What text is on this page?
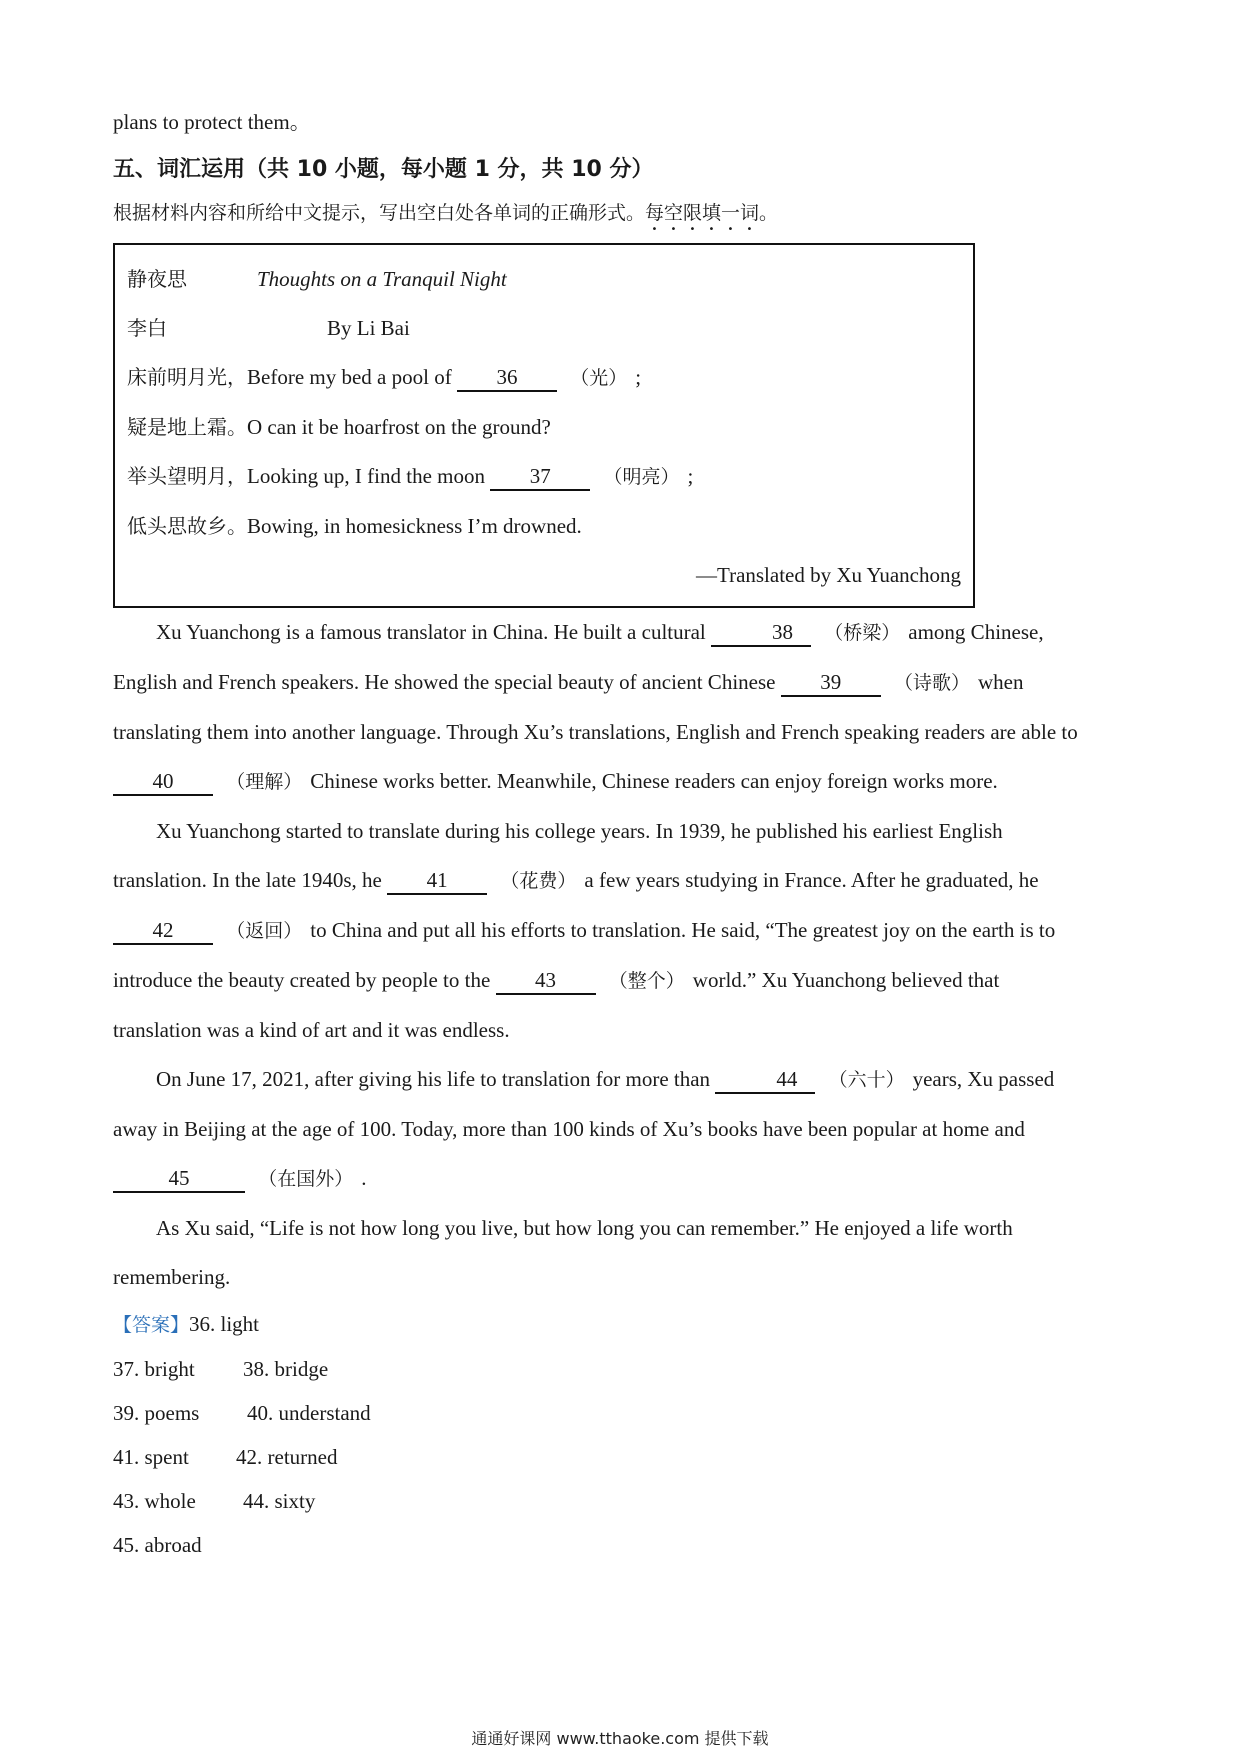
plans to protect them。

五、词汇运用（共 10 小题，每小题 1 分，共 10 分）

根据材料内容和所给中文提示，写出空白处各单词的正确形式。每空限填一词。

静夜思	Thoughts on a Tranquil Night

李白	By Li Bai

床前明月光，Before my bed a pool of 36	（光） ;

疑是地上霜。O can it be hoarfrost on the ground?

举头望明月，Looking up, I find the moon 37	（明亮） ;

低头思故乡。Bowing, in homesickness I’m drowned.

—Translated by Xu Yuanchong

Xu Yuanchong is a famous translator in China. He built a cultural	38 （桥梁） among Chinese,

English and French speakers. He showed the special beauty of ancient Chinese 39	（诗歌） when

translating them into another language. Through Xu’s translations, English and French speaking readers are able to

40	（理解） Chinese works better. Meanwhile, Chinese readers can enjoy foreign works more.

Xu Yuanchong started to translate during his college years. In 1939, he published his earliest English

translation. In the late 1940s, he 41	（花费） a few years studying in France. After he graduated, he

42	（返回） to China and put all his efforts to translation. He said, “The greatest joy on the earth is to

introduce the beauty created by people to the 43	（整个） world.” Xu Yuanchong believed that

translation was a kind of art and it was endless.

On June 17, 2021, after giving his life to translation for more than	44 （六十） years, Xu passed

away in Beijing at the age of 100. Today, more than 100 kinds of Xu’s books have been popular at home and

45	（在国外） .

As Xu said, “Life is not how long you live, but how long you can remember.” He enjoyed a life worth

remembering.

【答案】36. light

37. bright 38. bridge

39. poems 40. understand

41. spent 42. returned

43. whole 44. sixty

45. abroad

通通好课网 www.tthaoke.com 提供下载
